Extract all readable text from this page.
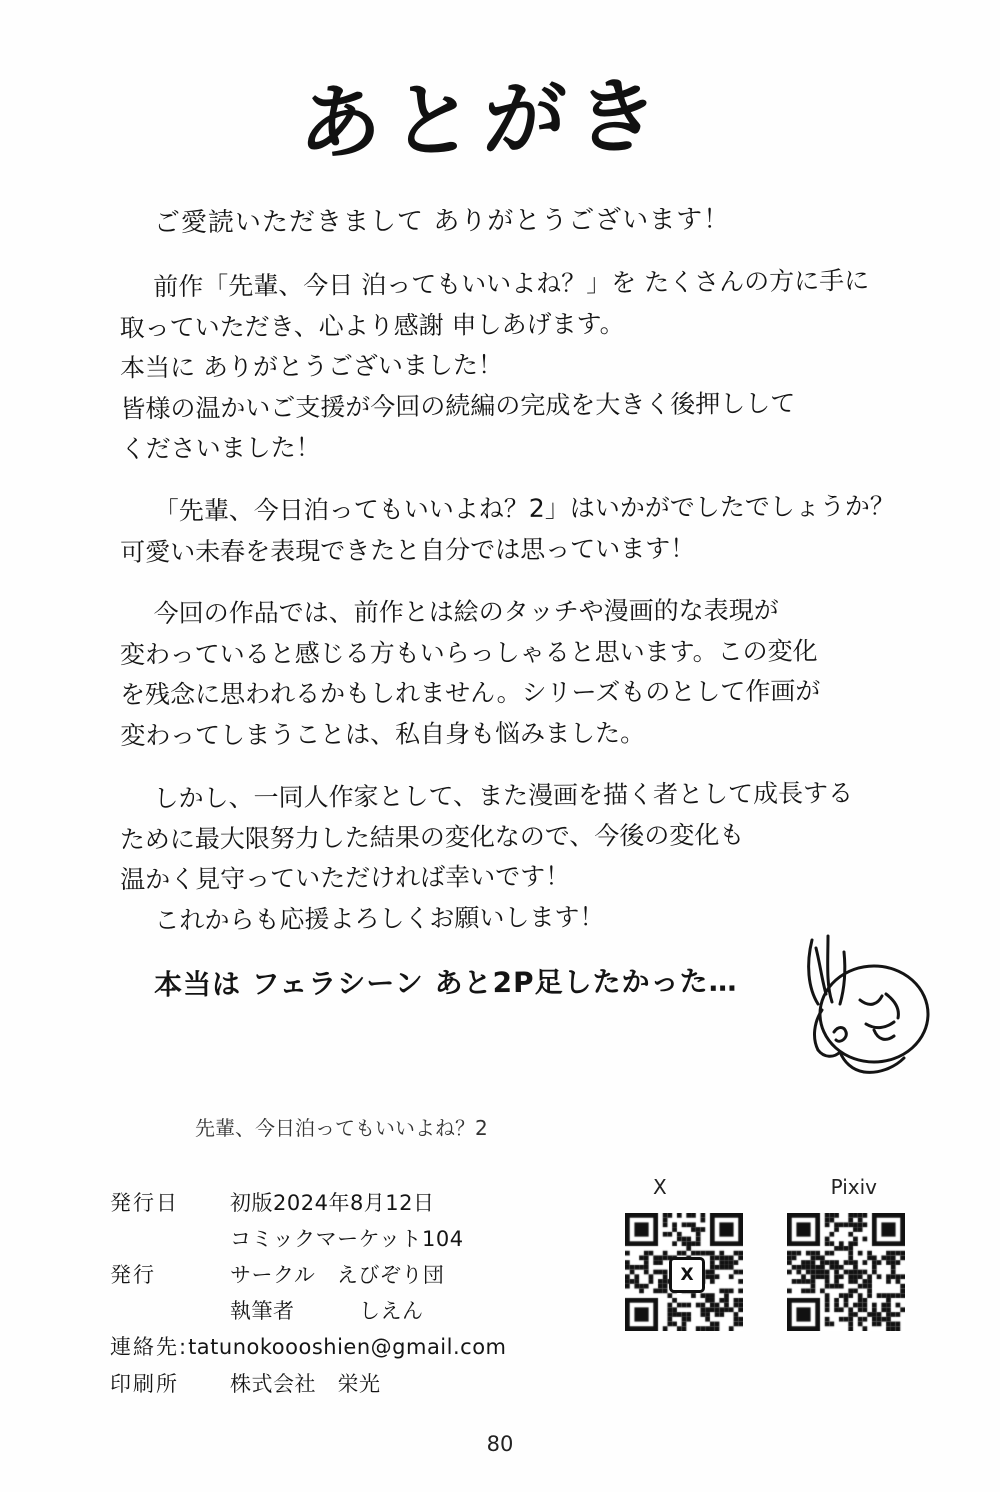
あとがき
ご愛読いただきまして ありがとうございます！
前作「先輩、今日 泊ってもいいよね？」を たくさんの方に手に
取っていただき、心より感謝 申しあげます。
本当に ありがとうございました！
皆様の温かいご支援が今回の続編の完成を大きく後押しして
くださいました！
「先輩、今日泊ってもいいよね？2」はいかがでしたでしょうか？
可愛い未春を表現できたと自分では思っています！
今回の作品では、前作とは絵のタッチや漫画的な表現が
変わっていると感じる方もいらっしゃると思います。この変化
を残念に思われるかもしれません。シリーズものとして作画が
変わってしまうことは、私自身も悩みました。
しかし、一同人作家として、また漫画を描く者として成長する
ために最大限努力した結果の変化なので、今後の変化も
温かく見守っていただければ幸いです！
これからも応援よろしくお願いします！
本当は フェラシーン あと2P足したかった…
先輩、今日泊ってもいいよね？2
発行日	初版2024年8月12日
コミックマーケット104
発行	サークル　えびぞり団
執筆者　　　しえん
連絡先: tatunokoooshien@gmail.com
印刷所	株式会社　栄光
X	Pixiv
X
80
